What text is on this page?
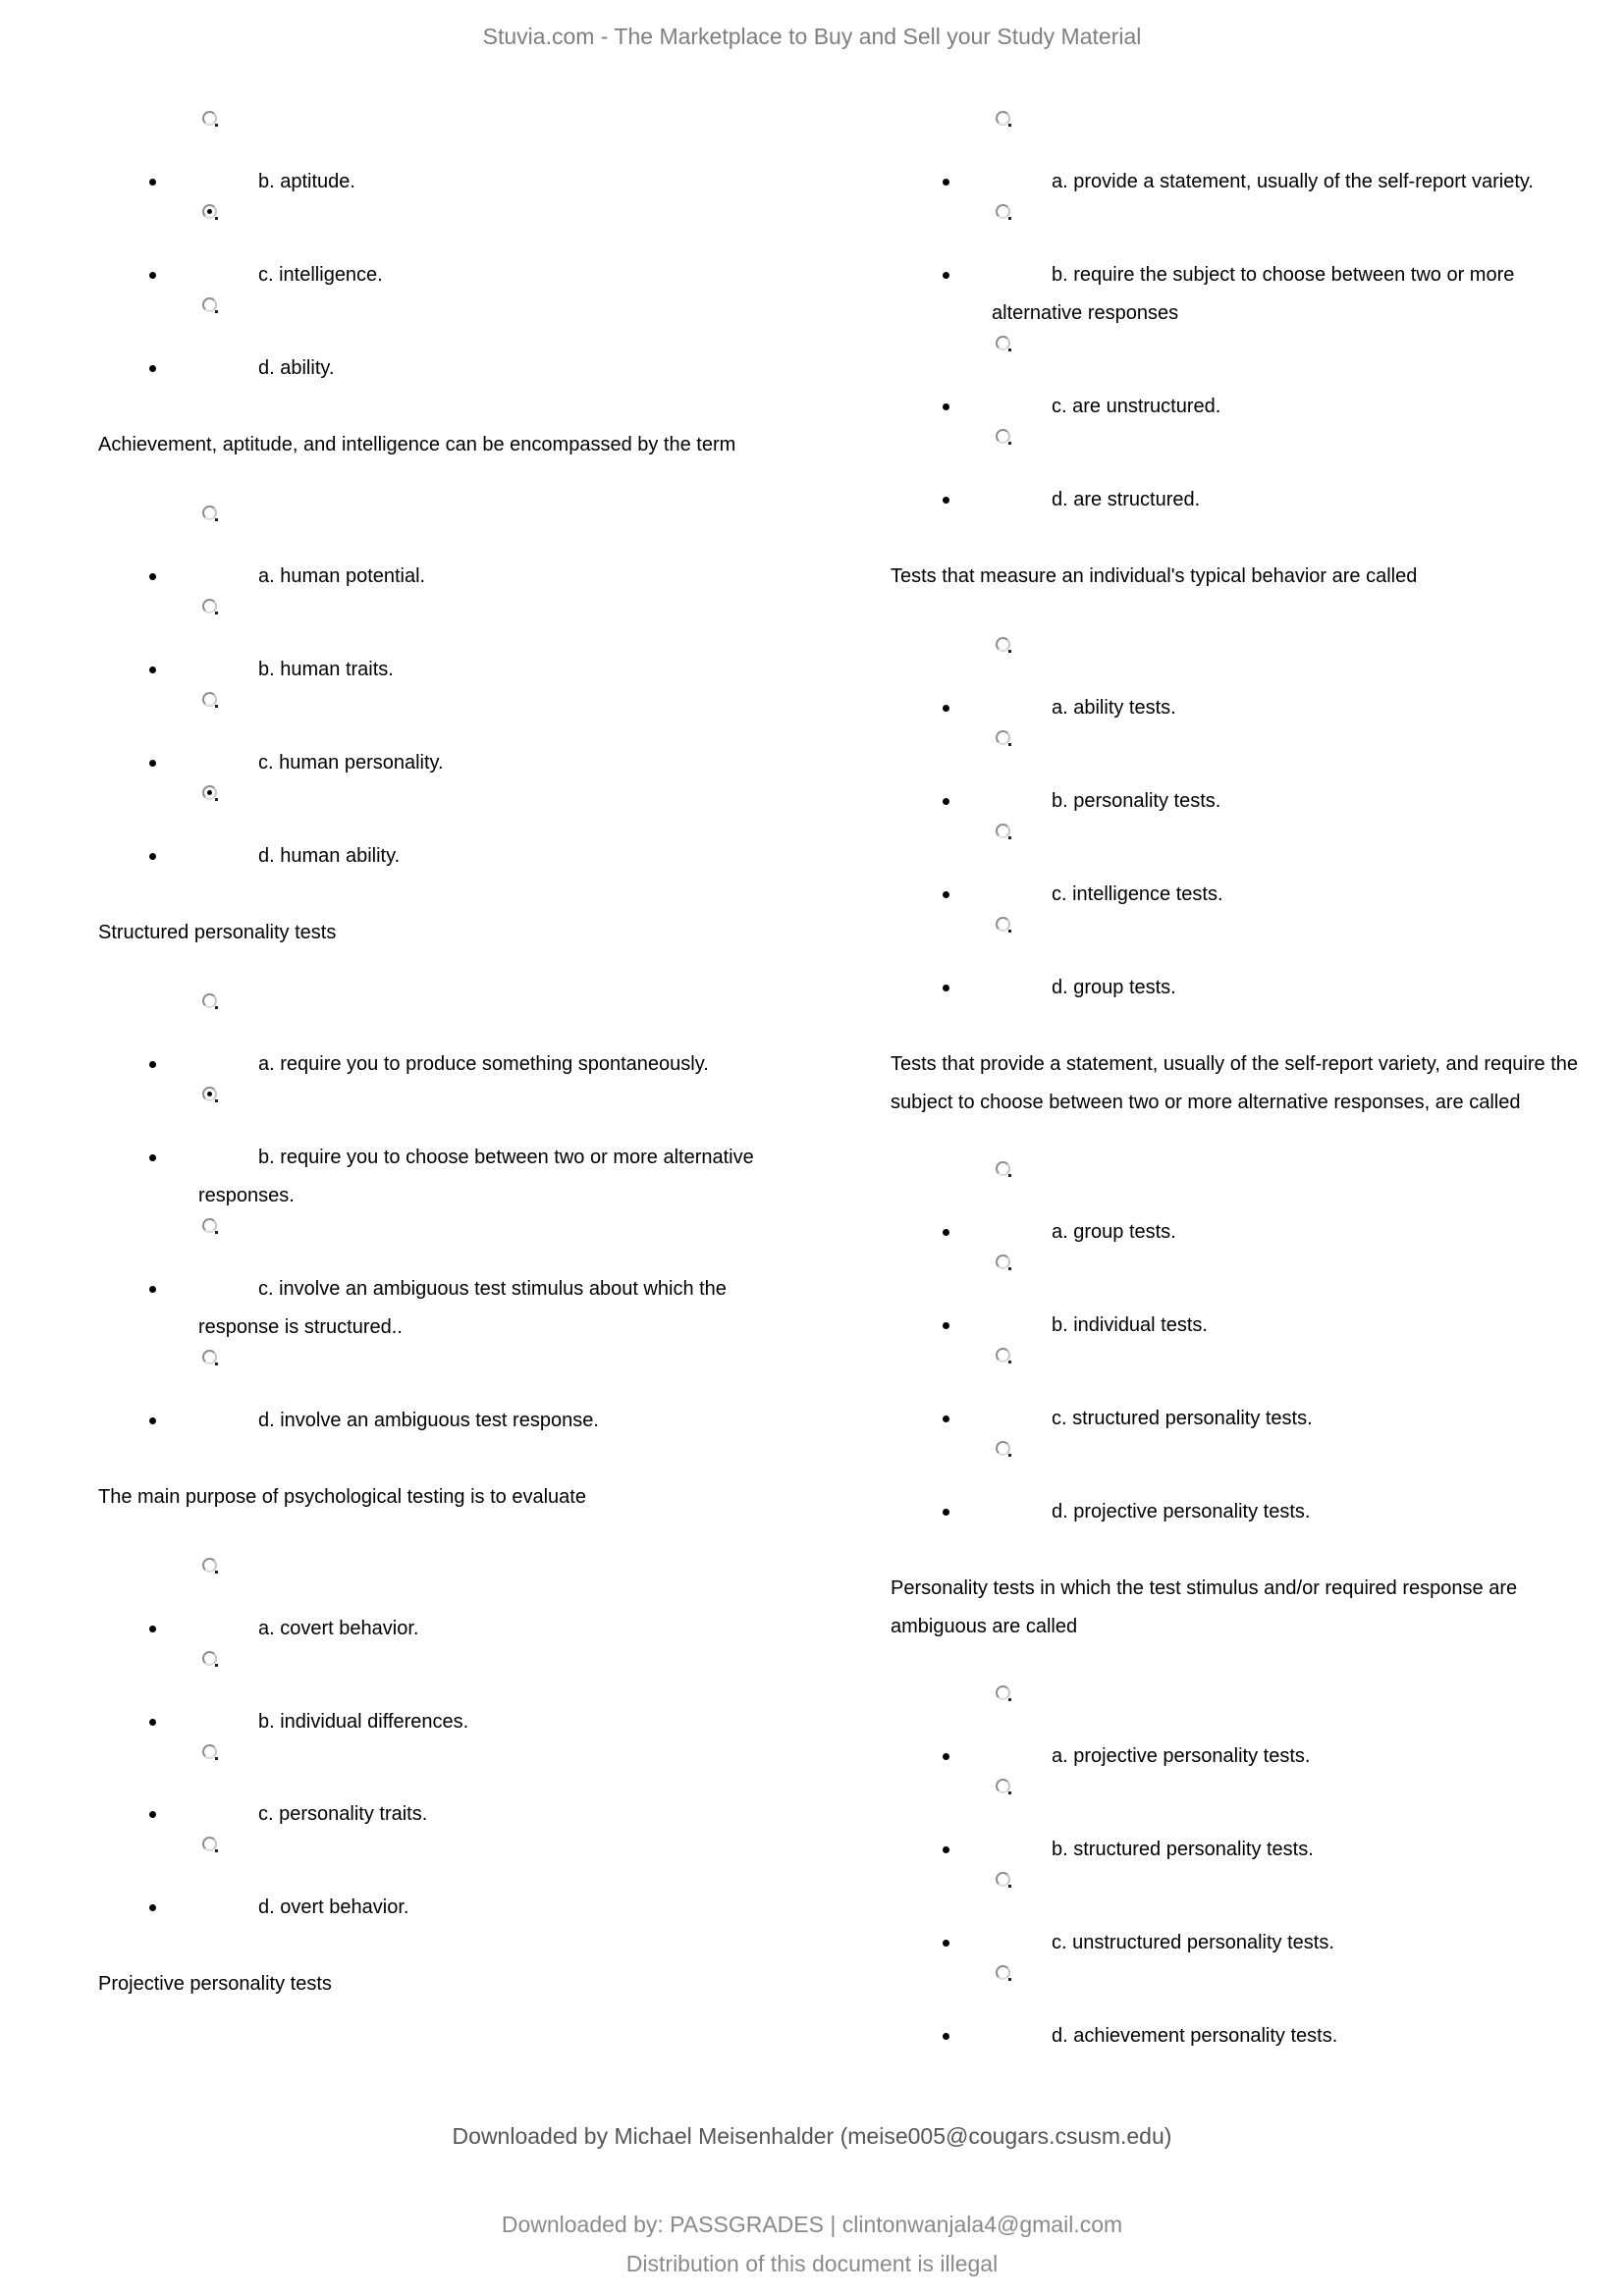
Stuvia.com - The Marketplace to Buy and Sell your Study Material
b. aptitude.
c. intelligence.
d. ability.
Achievement, aptitude, and intelligence can be encompassed by the term
a. human potential.
b. human traits.
c. human personality.
d. human ability.
Structured personality tests
a. require you to produce something spontaneously.
b. require you to choose between two or more alternative
responses.
c. involve an ambiguous test stimulus about which the
response is structured..
d. involve an ambiguous test response.
The main purpose of psychological testing is to evaluate
a. covert behavior.
b. individual differences.
c. personality traits.
d. overt behavior.
Projective personality tests
a. provide a statement, usually of the self-report variety.
b. require the subject to choose between two or more
alternative responses
c. are unstructured.
d. are structured.
Tests that measure an individual's typical behavior are called
a. ability tests.
b. personality tests.
c. intelligence tests.
d. group tests.
Tests that provide a statement, usually of the self-report variety, and require the
subject to choose between two or more alternative responses, are called
a. group tests.
b. individual tests.
c. structured personality tests.
d. projective personality tests.
Personality tests in which the test stimulus and/or required response are
ambiguous are called
a. projective personality tests.
b. structured personality tests.
c. unstructured personality tests.
d. achievement personality tests.
Downloaded by Michael Meisenhalder (meise005@cougars.csusm.edu)
Downloaded by: PASSGRADES | clintonwanjala4@gmail.com
Distribution of this document is illegal
